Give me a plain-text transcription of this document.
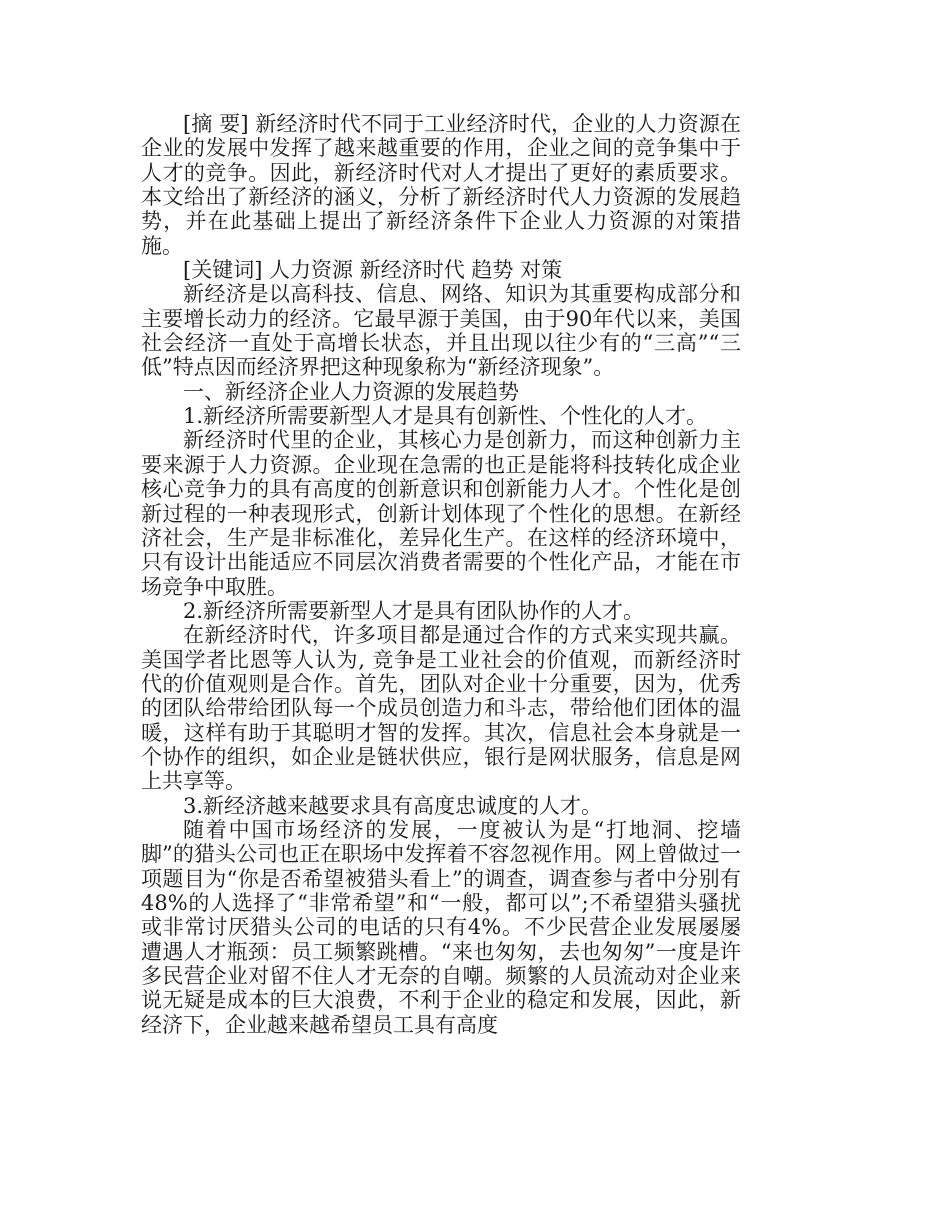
[摘 要] 新经济时代不同于工业经济时代，企业的人力资源在企业的发展中发挥了越来越重要的作用，企业之间的竞争集中于人才的竞争。因此，新经济时代对人才提出了更好的素质要求。本文给出了新经济的涵义，分析了新经济时代人力资源的发展趋势，并在此基础上提出了新经济条件下企业人力资源的对策措施。

[关键词] 人力资源 新经济时代 趋势 对策

新经济是以高科技、信息、网络、知识为其重要构成部分和主要增长动力的经济。它最早源于美国，由于90年代以来，美国社会经济一直处于高增长状态，并且出现以往少有的“三高”“三低”特点因而经济界把这种现象称为“新经济现象”。

一、新经济企业人力资源的发展趋势

1.新经济所需要新型人才是具有创新性、个性化的人才。

新经济时代里的企业，其核心力是创新力，而这种创新力主要来源于人力资源。企业现在急需的也正是能将科技转化成企业核心竞争力的具有高度的创新意识和创新能力人才。个性化是创新过程的一种表现形式，创新计划体现了个性化的思想。在新经济社会，生产是非标准化，差异化生产。在这样的经济环境中，只有设计出能适应不同层次消费者需要的个性化产品，才能在市场竞争中取胜。

2.新经济所需要新型人才是具有团队协作的人才。

在新经济时代，许多项目都是通过合作的方式来实现共赢。美国学者比恩等人认为, 竞争是工业社会的价值观，而新经济时代的价值观则是合作。首先，团队对企业十分重要，因为，优秀的团队给带给团队每一个成员创造力和斗志，带给他们团体的温暖，这样有助于其聪明才智的发挥。其次，信息社会本身就是一个协作的组织，如企业是链状供应，银行是网状服务，信息是网上共享等。

3.新经济越来越要求具有高度忠诚度的人才。

随着中国市场经济的发展，一度被认为是“打地洞、挖墙脚”的猎头公司也正在职场中发挥着不容忽视作用。网上曾做过一项题目为“你是否希望被猎头看上”的调查，调查参与者中分别有48%的人选择了“非常希望”和“一般，都可以”;不希望猎头骚扰或非常讨厌猎头公司的电话的只有4%。不少民营企业发展屡屡遭遇人才瓶颈：员工频繁跳槽。“来也匆匆，去也匆匆”一度是许多民营企业对留不住人才无奈的自嘲。频繁的人员流动对企业来说无疑是成本的巨大浪费，不利于企业的稳定和发展，因此，新经济下，企业越来越希望员工具有高度
